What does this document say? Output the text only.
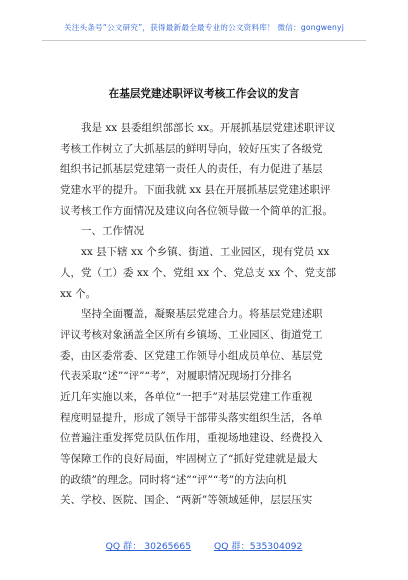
关注头条号“公文研究”，获得最新最全最专业的公文资料库！ 微信：gongwenyj
在基层党建述职评议考核工作会议的发言
　　我是 xx 县委组织部部长 xx。开展抓基层党建述职评议
考核工作树立了大抓基层的鲜明导向，较好压实了各级党
组织书记抓基层党建第一责任人的责任，有力促进了基层
党建水平的提升。下面我就 xx 县在开展抓基层党建述职评
议考核工作方面情况及建议向各位领导做一个简单的汇报。
　　一、工作情况
　　xx 县下辖 xx 个乡镇、街道、工业园区，现有党员 xx
人，党（工）委 xx 个、党组 xx 个、党总支 xx 个、党支部
xx 个。
　　坚持全面覆盖，凝聚基层党建合力。将基层党建述职
评议考核对象涵盖全区所有乡镇场、工业园区、街道党工
委，由区委常委、区党建工作领导小组成员单位、基层党
代表采取“述”“评”“考”，对履职情况现场打分排名
近几年实施以来，各单位“一把手”对基层党建工作重视
程度明显提升，形成了领导干部带头落实组织生活，各单
位普遍注重发挥党员队伍作用，重视场地建设、经费投入
等保障工作的良好局面，牢固树立了“抓好党建就是最大
的政绩”的理念。同时将“述”“评”“考”的方法向机
关、学校、医院、国企、“两新”等领域延伸，层层压实
QQ 群： 30265665 QQ 群：535304092
